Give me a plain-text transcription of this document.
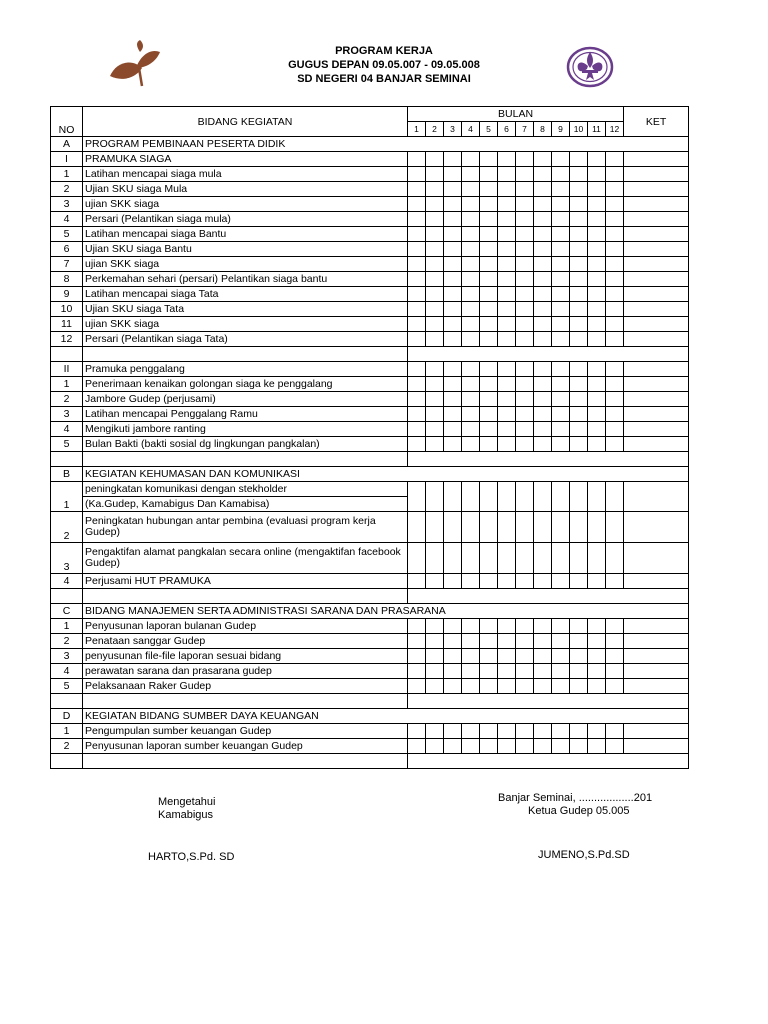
PROGRAM KERJA
GUGUS DEPAN 09.05.007 - 09.05.008
SD NEGERI 04 BANJAR SEMINAI
NO	BIDANG KEGIATAN	BULAN												KET
		1	2	3	4	5	6	7	8	9	10	11	12	
A	PROGRAM PEMBINAAN PESERTA DIDIK													
I	PRAMUKA SIAGA													
1	Latihan mencapai siaga mula													
2	Ujian SKU siaga Mula													
3	ujian SKK siaga													
4	Persari (Pelantikan siaga mula)													
5	Latihan mencapai siaga Bantu													
6	Ujian SKU siaga Bantu													
7	ujian SKK siaga													
8	Perkemahan sehari (persari) Pelantikan siaga bantu													
9	Latihan mencapai siaga Tata													
10	Ujian SKU siaga Tata													
11	ujian SKK siaga													
12	Persari (Pelantikan siaga Tata)													

II	Pramuka penggalang													
1	Penerimaan kenaikan golongan siaga ke penggalang													
2	Jambore Gudep (perjusami)													
3	Latihan mencapai Penggalang Ramu													
4	Mengikuti jambore ranting													
5	Bulan Bakti (bakti sosial dg lingkungan pangkalan)													

B	KEGIATAN KEHUMASAN DAN KOMUNIKASI													
1	peningkatan komunikasi dengan stekholder													
	(Ka.Gudep, Kamabigus Dan Kamabisa)													
2	Peningkatan hubungan antar pembina (evaluasi program kerja Gudep)													
3	Pengaktifan alamat pangkalan secara online (mengaktifan facebook Gudep)													
4	Perjusami HUT PRAMUKA													

C	BIDANG MANAJEMEN SERTA ADMINISTRASI SARANA DAN PRASARANA													
1	Penyusunan laporan bulanan Gudep													
2	Penataan sanggar Gudep													
3	penyusunan file-file laporan sesuai bidang													
4	perawatan sarana dan prasarana gudep													
5	Pelaksanaan Raker Gudep													

D	KEGIATAN BIDANG SUMBER DAYA KEUANGAN													
1	Pengumpulan sumber keuangan Gudep													
2	Penyusunan laporan sumber keuangan Gudep													

Mengetahui
Kamabigus
Banjar Seminai, ..................201
Ketua Gudep 05.005
HARTO,S.Pd. SD	JUMENO,S.Pd.SD
